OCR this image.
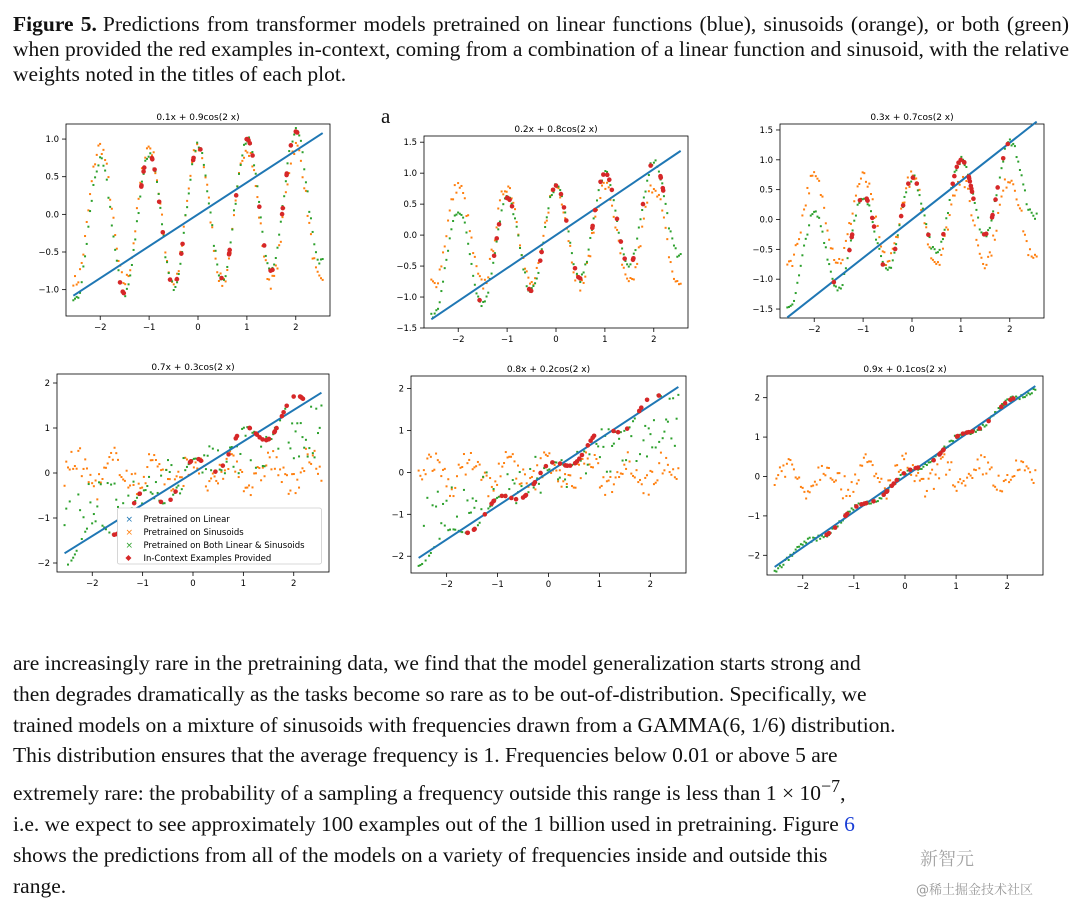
Figure 5. Predictions from transformer models pretrained on linear functions (blue), sinusoids (orange), or both (green) when provided the red examples in-context, coming from a combination of a linear function and sinusoid, with the relative weights noted in the titles of each plot.
a
0.1x + 0.9cos(2 x)
−2	−1	0	1	2
−1.0
−0.5
0.0
0.5
1.0
0.2x + 0.8cos(2 x)
−2	−1	0	1	2
−1.5
−1.0
−0.5
0.0
0.5
1.0
1.5
0.3x + 0.7cos(2 x)
−2	−1	0	1	2
−1.5
−1.0
−0.5
0.0
0.5
1.0
1.5
0.7x + 0.3cos(2 x)
−2	−1	0	1	2
−2
−1
0
1
2
× Pretrained on Linear
× Pretrained on Sinusoids
× Pretrained on Both Linear & Sinusoids
In-Context Examples Provided
0.8x + 0.2cos(2 x)
−2	−1	0	1	2
−2
−1
0
1
2
0.9x + 0.1cos(2 x)
−2	−1	0	1	2
−2
−1
0
1
2
are increasingly rare in the pretraining data, we find that the model generalization starts strong and
then degrades dramatically as the tasks become so rare as to be out-of-distribution. Specifically, we
trained models on a mixture of sinusoids with frequencies drawn from a GAMMA(6, 1/6) distribution.
This distribution ensures that the average frequency is 1. Frequencies below 0.01 or above 5 are
extremely rare: the probability of a sampling a frequency outside this range is less than $1 \times 10^{-7}$,
i.e. we expect to see approximately 100 examples out of the 1 billion used in pretraining. Figure 6
shows the predictions from all of the models on a variety of frequencies inside and outside this
range.
新智元
@稀土掘金技术社区
